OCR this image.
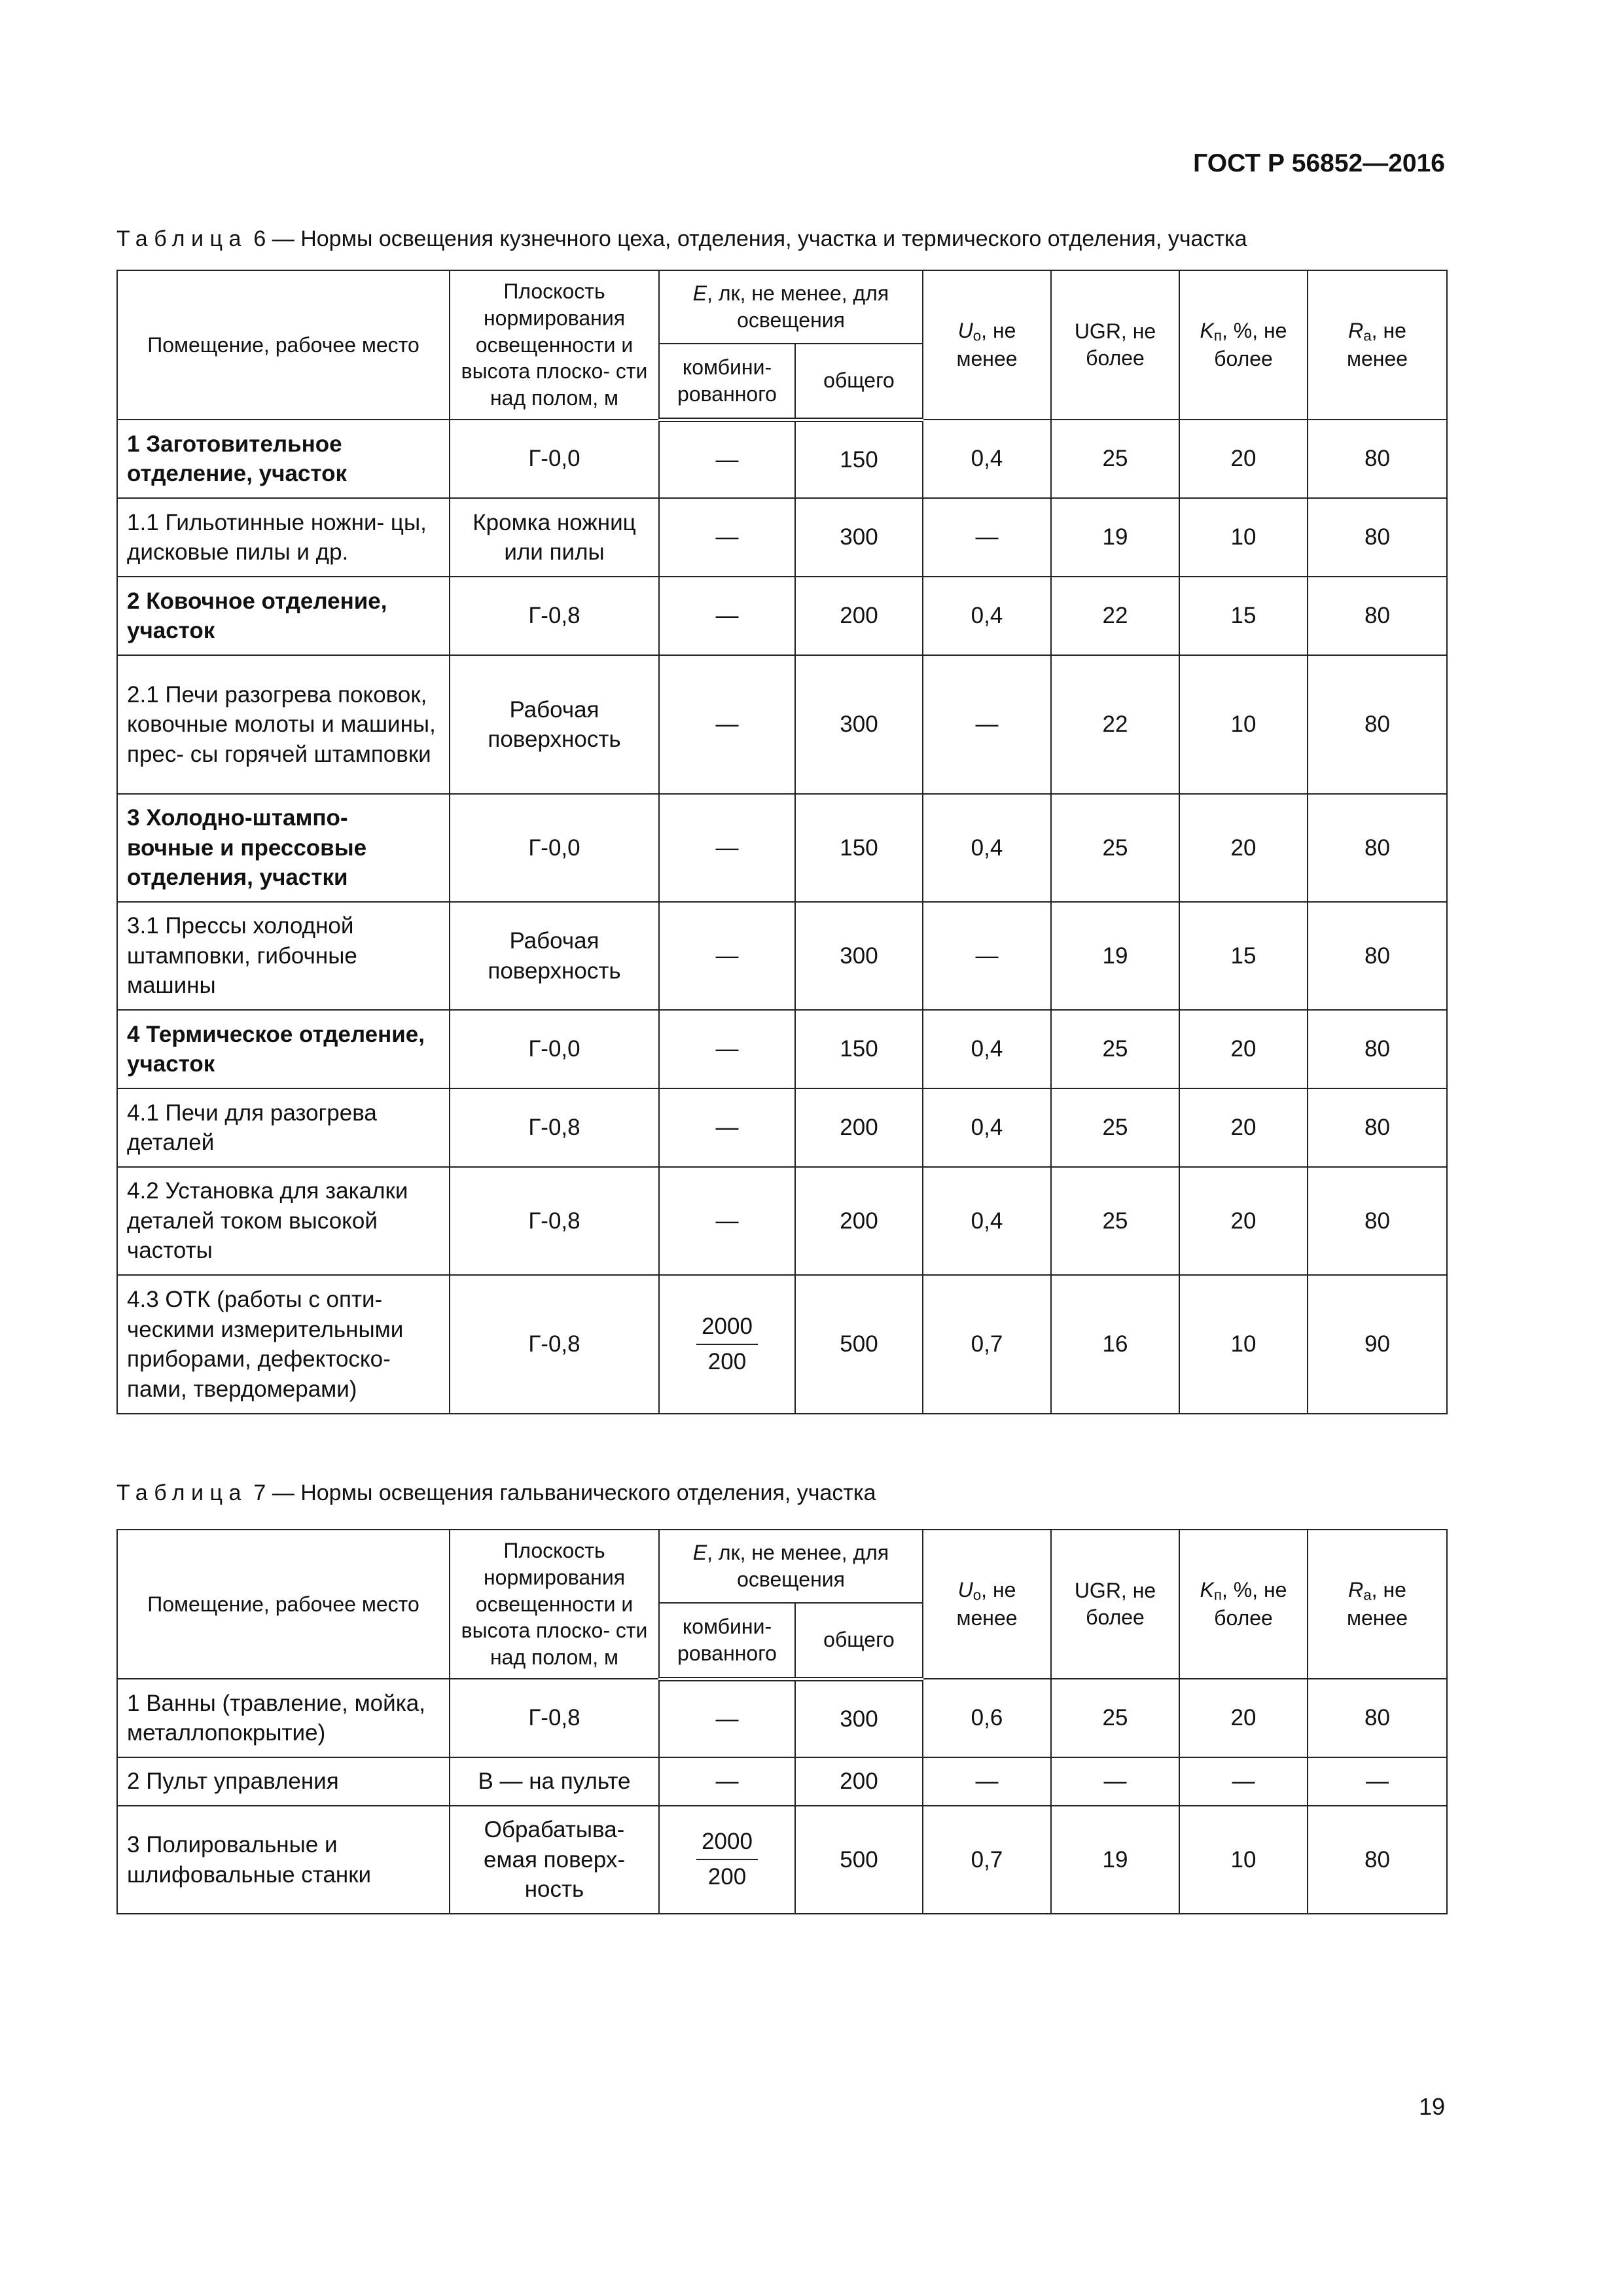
ГОСТ Р 56852—2016
Таблица 6 — Нормы освещения кузнечного цеха, отделения, участка и термического отделения, участка
Помещение, рабочее место	Плоскость нормирования освещенности и высота плоско- сти над полом, м	E, лк, не менее, для освещения		$U_о$, не менее	UGR, не более	$K_п$, %, не более	$R_a$, не менее
		комбини- рованного	общего				
1 Заготовительное отделение, участок	Г-0,0	—	150	0,4	25	20	80
1.1 Гильотинные ножни- цы, дисковые пилы и др.	Кромка ножниц или пилы	—	300	—	19	10	80
2 Ковочное отделение, участок	Г-0,8	—	200	0,4	22	15	80
2.1 Печи разогрева поковок, ковочные молоты и машины, прес- сы горячей штамповки	Рабочая поверхность	—	300	—	22	10	80
3 Холодно-штампо- вочные и прессовые отделения, участки	Г-0,0	—	150	0,4	25	20	80
3.1 Прессы холодной штамповки, гибочные машины	Рабочая поверхность	—	300	—	19	15	80
4 Термическое отделение, участок	Г-0,0	—	150	0,4	25	20	80
4.1 Печи для разогрева деталей	Г-0,8	—	200	0,4	25	20	80
4.2 Установка для закалки деталей током высокой частоты	Г-0,8	—	200	0,4	25	20	80
4.3 ОТК (работы с опти- ческими измерительными приборами, дефектоско- пами, твердомерами)	Г-0,8	$\frac{2000}{200}$	500	0,7	16	10	90
Таблица 7 — Нормы освещения гальванического отделения, участка
Помещение, рабочее место	Плоскость нормирования освещенности и высота плоско- сти над полом, м	E, лк, не менее, для освещения		$U_о$, не менее	UGR, не более	$K_п$, %, не более	$R_a$, не менее
		комбини- рованного	общего				
1 Ванны (травление, мойка, металлопокрытие)	Г-0,8	—	300	0,6	25	20	80
2 Пульт управления	В — на пульте	—	200	—	—	—	—
3 Полировальные и шлифовальные станки	Обрабатыва- емая поверх- ность	$\frac{2000}{200}$	500	0,7	19	10	80
19
